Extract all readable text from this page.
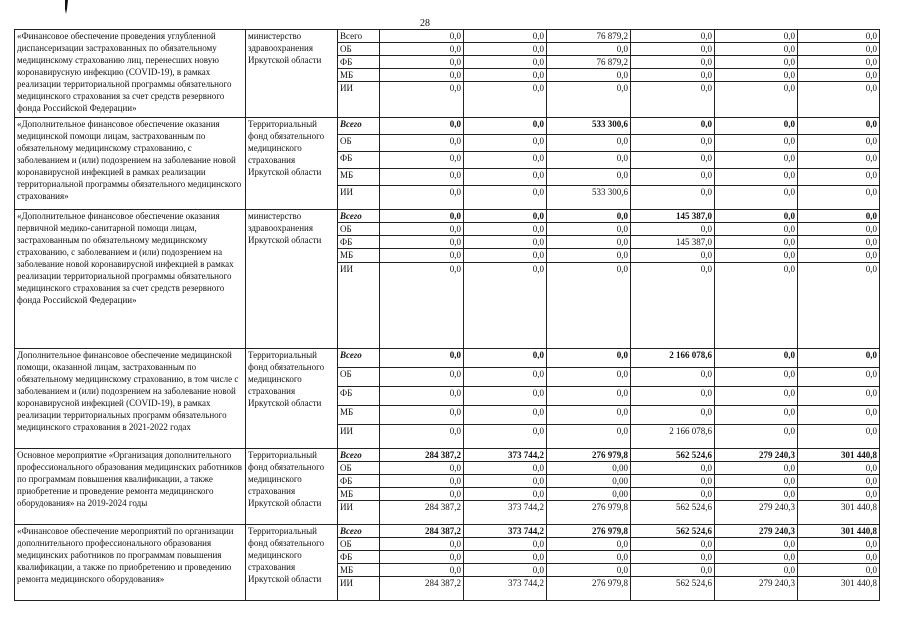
28
«Финансовое обеспечение проведения углубленной диспансеризации застрахованных по обязательному медицинскому страхованию лиц, перенесших новую коронавирусную инфекцию (COVID-19), в рамках реализации территориальной программы обязательного медицинского страхования за счет средств резервного фонда Российской Федерации»	министерство здравоохранения Иркутской области	Всего	0,0	0,0	76 879,2	0,0	0,0	0,0
		ОБ	0,0	0,0	0,0	0,0	0,0	0,0
		ФБ	0,0	0,0	76 879,2	0,0	0,0	0,0
		МБ	0,0	0,0	0,0	0,0	0,0	0,0
		ИИ	0,0	0,0	0,0	0,0	0,0	0,0
«Дополнительное финансовое обеспечение оказания медицинской помощи лицам, застрахованным по обязательному медицинскому страхованию, с заболеванием и (или) подозрением на заболевание новой коронавирусной инфекцией в рамках реализации территориальной программы обязательного медицинского страхования»	Территориальный фонд обязательного медицинского страхования Иркутской области	Всего	0,0	0,0	533 300,6	0,0	0,0	0,0
		ОБ	0,0	0,0	0,0	0,0	0,0	0,0
		ФБ	0,0	0,0	0,0	0,0	0,0	0,0
		МБ	0,0	0,0	0,0	0,0	0,0	0,0
		ИИ	0,0	0,0	533 300,6	0,0	0,0	0,0
«Дополнительное финансовое обеспечение оказания первичной медико-санитарной помощи лицам, застрахованным по обязательному медицинскому страхованию, с заболеванием и (или) подозрением на заболевание новой коронавирусной инфекцией в рамках реализации территориальной программы обязательного медицинского страхования за счет средств резервного фонда Российской Федерации»	министерство здравоохранения Иркутской области	Всего	0,0	0,0	0,0	145 387,0	0,0	0,0
		ОБ	0,0	0,0	0,0	0,0	0,0	0,0
		ФБ	0,0	0,0	0,0	145 387,0	0,0	0,0
		МБ	0,0	0,0	0,0	0,0	0,0	0,0
		ИИ	0,0	0,0	0,0	0,0	0,0	0,0
Дополнительное финансовое обеспечение медицинской помощи, оказанной лицам, застрахованным по обязательному медицинскому страхованию, в том числе с заболеванием и (или) подозрением на заболевание новой коронавирусной инфекцией (COVID-19), в рамках реализации территориальных программ обязательного медицинского страхования в 2021-2022 годах	Территориальный фонд обязательного медицинского страхования Иркутской области	Всего	0,0	0,0	0,0	2 166 078,6	0,0	0,0
		ОБ	0,0	0,0	0,0	0,0	0,0	0,0
		ФБ	0,0	0,0	0,0	0,0	0,0	0,0
		МБ	0,0	0,0	0,0	0,0	0,0	0,0
		ИИ	0,0	0,0	0,0	2 166 078,6	0,0	0,0
Основное мероприятие «Организация дополнительного профессионального образования медицинских работников по программам повышения квалификации, а также приобретение и проведение ремонта медицинского оборудования» на 2019-2024 годы	Территориальный фонд обязательного медицинского страхования Иркутской области	Всего	284 387,2	373 744,2	276 979,8	562 524,6	279 240,3	301 440,8
		ОБ	0,0	0,0	0,00	0,0	0,0	0,0
		ФБ	0,0	0,0	0,00	0,0	0,0	0,0
		МБ	0,0	0,0	0,00	0,0	0,0	0,0
		ИИ	284 387,2	373 744,2	276 979,8	562 524,6	279 240,3	301 440,8
«Финансовое обеспечение мероприятий по организации дополнительного профессионального образования медицинских работников по программам повышения квалификации, а также по приобретению и проведению ремонта медицинского оборудования»	Территориальный фонд обязательного медицинского страхования Иркутской области	Всего	284 387,2	373 744,2	276 979,8	562 524,6	279 240,3	301 440,8
		ОБ	0,0	0,0	0,0	0,0	0,0	0,0
		ФБ	0,0	0,0	0,0	0,0	0,0	0,0
		МБ	0,0	0,0	0,0	0,0	0,0	0,0
		ИИ	284 387,2	373 744,2	276 979,8	562 524,6	279 240,3	301 440,8
